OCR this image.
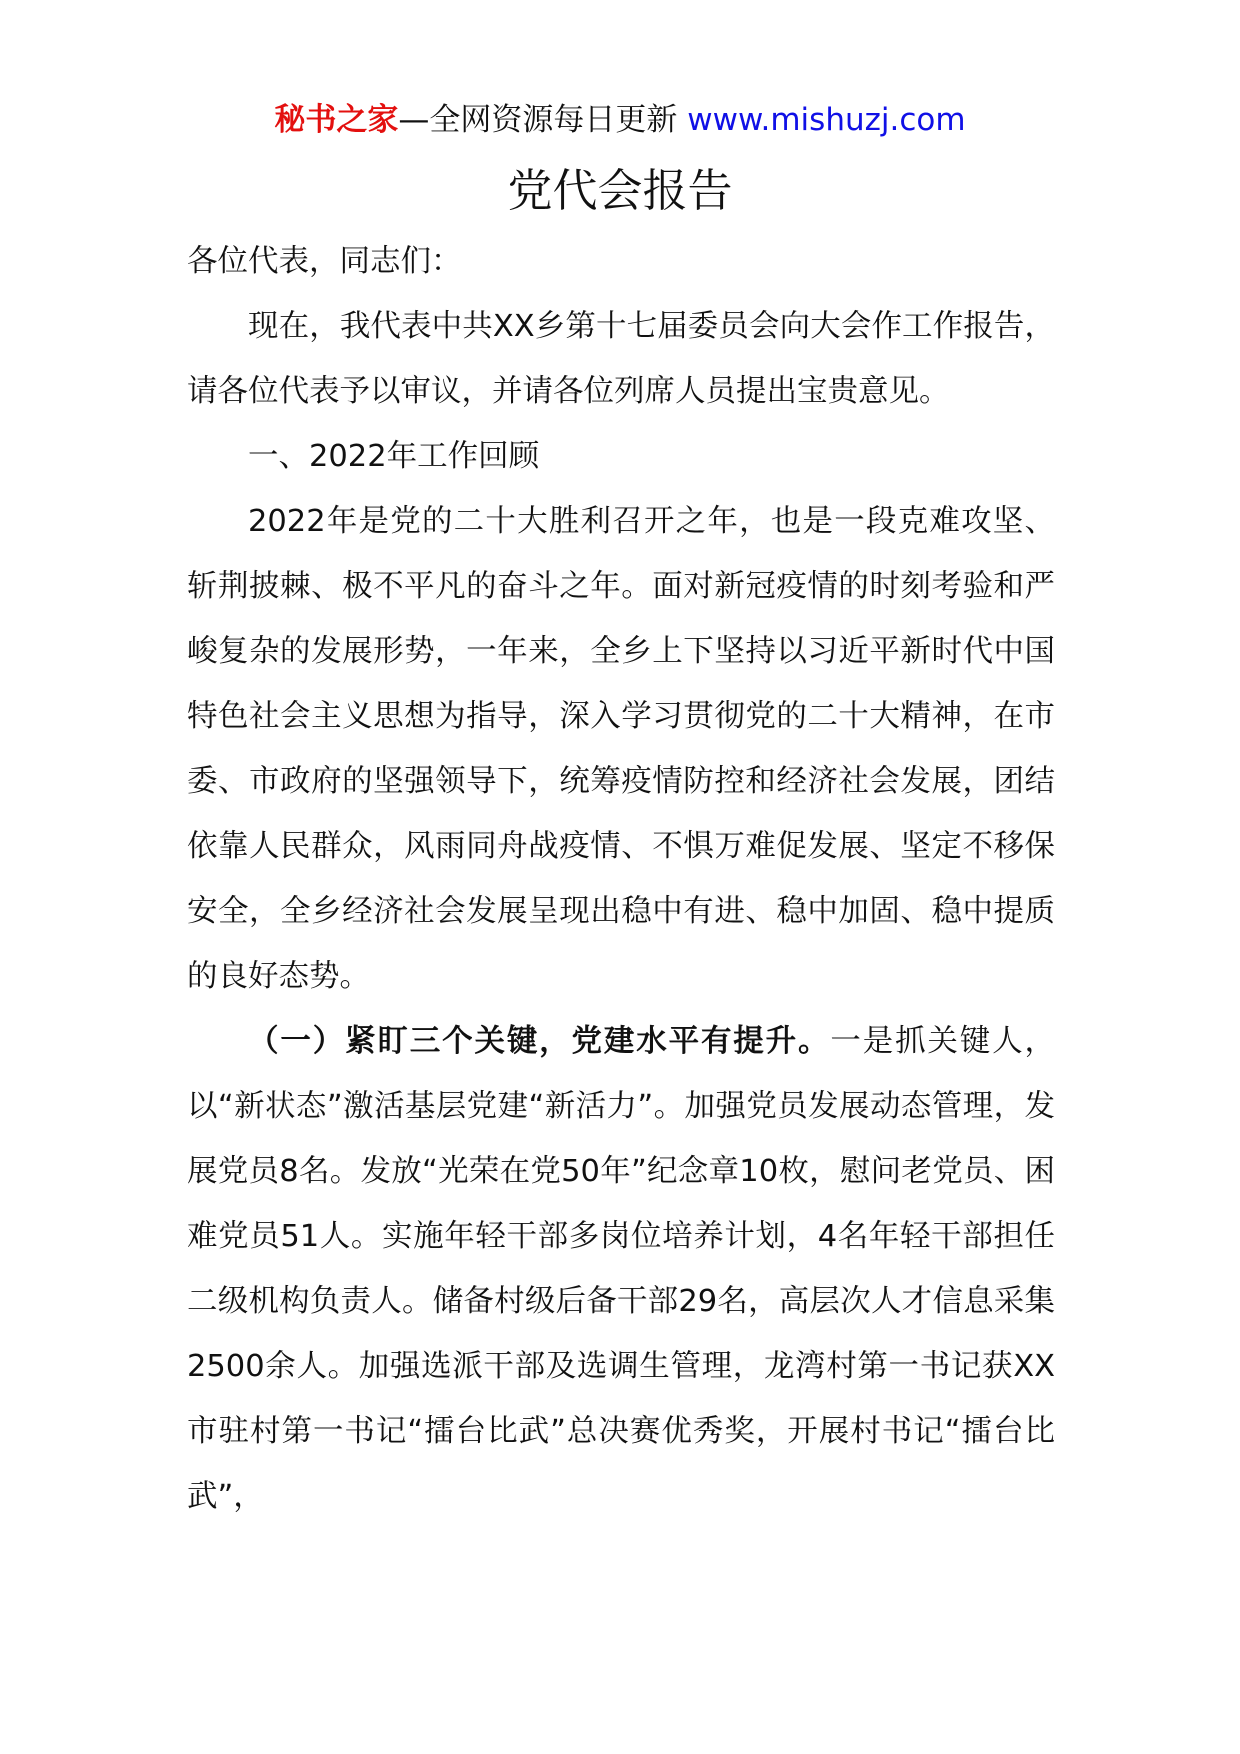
秘书之家—全网资源每日更新 www.mishuzj.com
党代会报告

各位代表，同志们：

现在，我代表中共XX乡第十七届委员会向大会作工作报告，请各位代表予以审议，并请各位列席人员提出宝贵意见。

一、2022年工作回顾

2022年是党的二十大胜利召开之年，也是一段克难攻坚、斩荆披棘、极不平凡的奋斗之年。面对新冠疫情的时刻考验和严峻复杂的发展形势，一年来，全乡上下坚持以习近平新时代中国特色社会主义思想为指导，深入学习贯彻党的二十大精神，在市委、市政府的坚强领导下，统筹疫情防控和经济社会发展，团结依靠人民群众，风雨同舟战疫情、不惧万难促发展、坚定不移保安全，全乡经济社会发展呈现出稳中有进、稳中加固、稳中提质的良好态势。

（一）紧盯三个关键，党建水平有提升。一是抓关键人，以“新状态”激活基层党建“新活力”。加强党员发展动态管理，发展党员8名。发放“光荣在党50年”纪念章10枚，慰问老党员、困难党员51人。实施年轻干部多岗位培养计划，4名年轻干部担任二级机构负责人。储备村级后备干部29名，高层次人才信息采集2500余人。加强选派干部及选调生管理，龙湾村第一书记获XX市驻村第一书记“擂台比武”总决赛优秀奖，开展村书记“擂台比武”，
